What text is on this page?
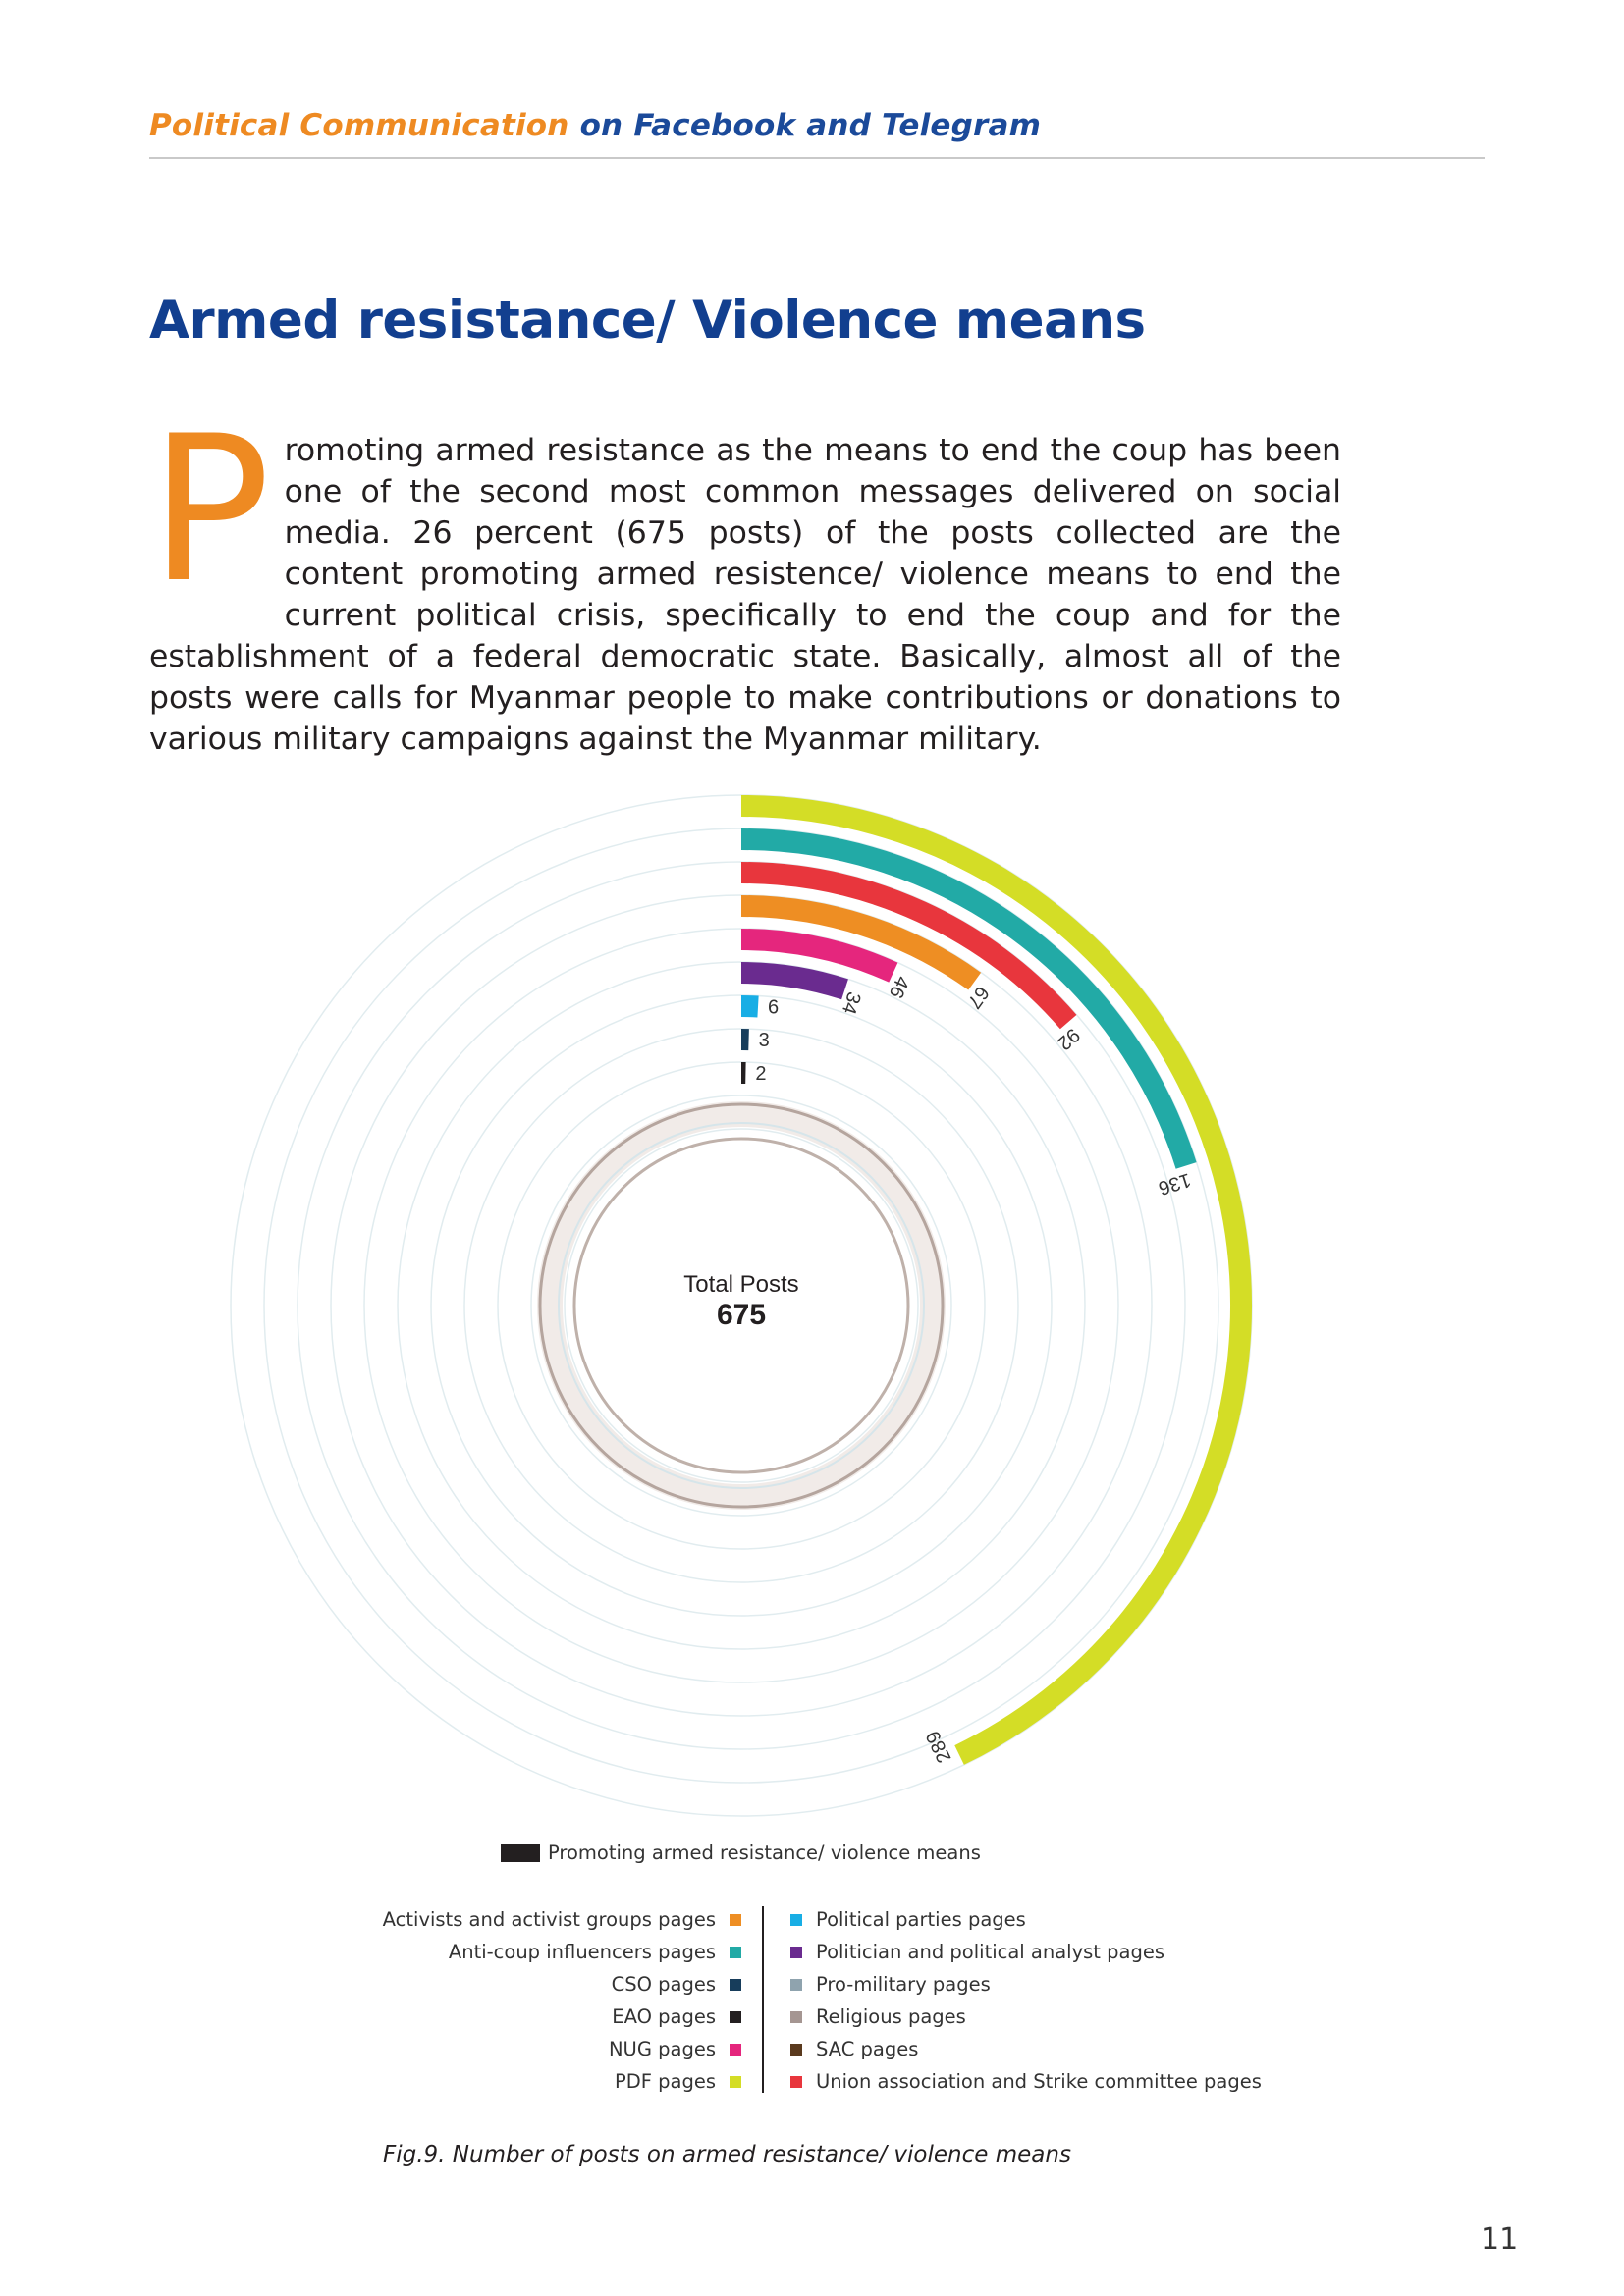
Political Communication on Facebook and Telegram
Armed resistance/ Violence means
Promoting armed resistance as the means to end the coup has been one of the second most common messages delivered on social media. 26 percent (675 posts) of the posts collected are the content promoting armed resistence/ violence means to end the current political crisis, specifically to end the coup and for the establishment of a federal democratic state. Basically, almost all of the posts were calls for Myanmar people to make contributions or donations to various military campaigns against the Myanmar military.
289
136
92
67
46
34
6
3
2
Total Posts
675
Promoting armed resistance/ violence means
Activists and activist groups pages
Anti-coup influencers pages
CSO pages
EAO pages
NUG pages
PDF pages
Political parties pages
Politician and political analyst pages
Pro-military pages
Religious pages
SAC pages
Union association and Strike committee pages
Fig.9. Number of posts on armed resistance/ violence means
11
